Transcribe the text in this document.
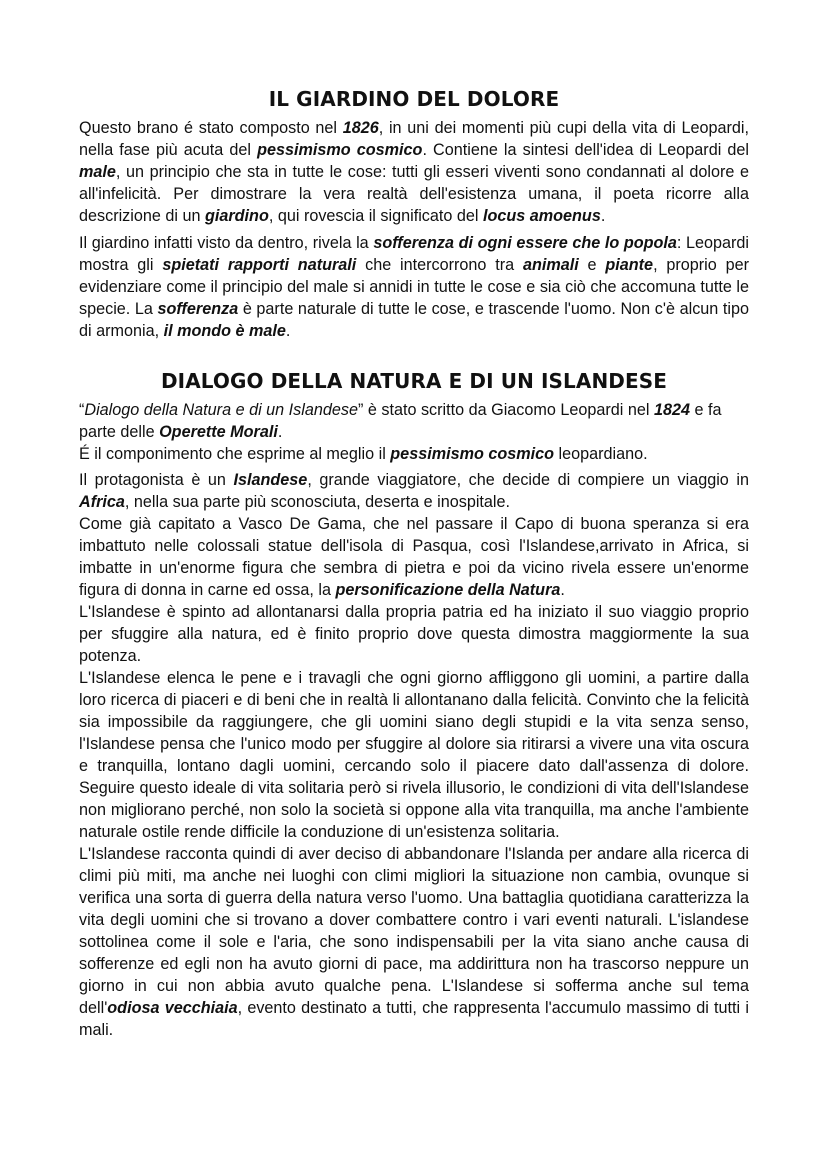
IL GIARDINO DEL DOLORE

Questo brano é stato composto nel 1826, in uni dei momenti più cupi della vita di Leopardi, nella fase più acuta del pessimismo cosmico. Contiene la sintesi dell'idea di Leopardi del male, un principio che sta in tutte le cose: tutti gli esseri viventi sono condannati al dolore e all'infelicità. Per dimostrare la vera realtà dell'esistenza umana, il poeta ricorre alla descrizione di un giardino, qui rovescia il significato del locus amoenus.

Il giardino infatti visto da dentro, rivela la sofferenza di ogni essere che lo popola: Leopardi mostra gli spietati rapporti naturali che intercorrono tra animali e piante, proprio per evidenziare come il principio del male si annidi in tutte le cose e sia ciò che accomuna tutte le specie. La sofferenza è parte naturale di tutte le cose, e trascende l'uomo. Non c'è alcun tipo di armonia, il mondo è male.

DIALOGO DELLA NATURA E DI UN ISLANDESE

“Dialogo della Natura e di un Islandese” è stato scritto da Giacomo Leopardi nel 1824 e fa parte delle Operette Morali.

É il componimento che esprime al meglio il pessimismo cosmico leopardiano.

Il protagonista è un Islandese, grande viaggiatore, che decide di compiere un viaggio in Africa, nella sua parte più sconosciuta, deserta e inospitale.

Come già capitato a Vasco De Gama, che nel passare il Capo di buona speranza si era imbattuto nelle colossali statue dell'isola di Pasqua, così l'Islandese,arrivato in Africa, si imbatte in un'enorme figura che sembra di pietra e poi da vicino rivela essere un'enorme figura di donna in carne ed ossa, la personificazione della Natura.

L'Islandese è spinto ad allontanarsi dalla propria patria ed ha iniziato il suo viaggio proprio per sfuggire alla natura, ed è finito proprio dove questa dimostra maggiormente la sua potenza.

L'Islandese elenca le pene e i travagli che ogni giorno affliggono gli uomini, a partire dalla loro ricerca di piaceri e di beni che in realtà li allontanano dalla felicità. Convinto che la felicità sia impossibile da raggiungere, che gli uomini siano degli stupidi e la vita senza senso, l'Islandese pensa che l'unico modo per sfuggire al dolore sia ritirarsi a vivere una vita oscura e tranquilla, lontano dagli uomini, cercando solo il piacere dato dall'assenza di dolore. Seguire questo ideale di vita solitaria però si rivela illusorio, le condizioni di vita dell'Islandese non migliorano perché, non solo la società si oppone alla vita tranquilla, ma anche l'ambiente naturale ostile rende difficile la conduzione di un'esistenza solitaria.

L'Islandese racconta quindi di aver deciso di abbandonare l'Islanda per andare alla ricerca di climi più miti, ma anche nei luoghi con climi migliori la situazione non cambia, ovunque si verifica una sorta di guerra della natura verso l'uomo. Una battaglia quotidiana caratterizza la vita degli uomini che si trovano a dover combattere contro i vari eventi naturali. L'islandese sottolinea come il sole e l'aria, che sono indispensabili per la vita siano anche causa di sofferenze ed egli non ha avuto giorni di pace, ma addirittura non ha trascorso neppure un giorno in cui non abbia avuto qualche pena. L'Islandese si sofferma anche sul tema dell'odiosa vecchiaia, evento destinato a tutti, che rappresenta l'accumulo massimo di tutti i mali.
